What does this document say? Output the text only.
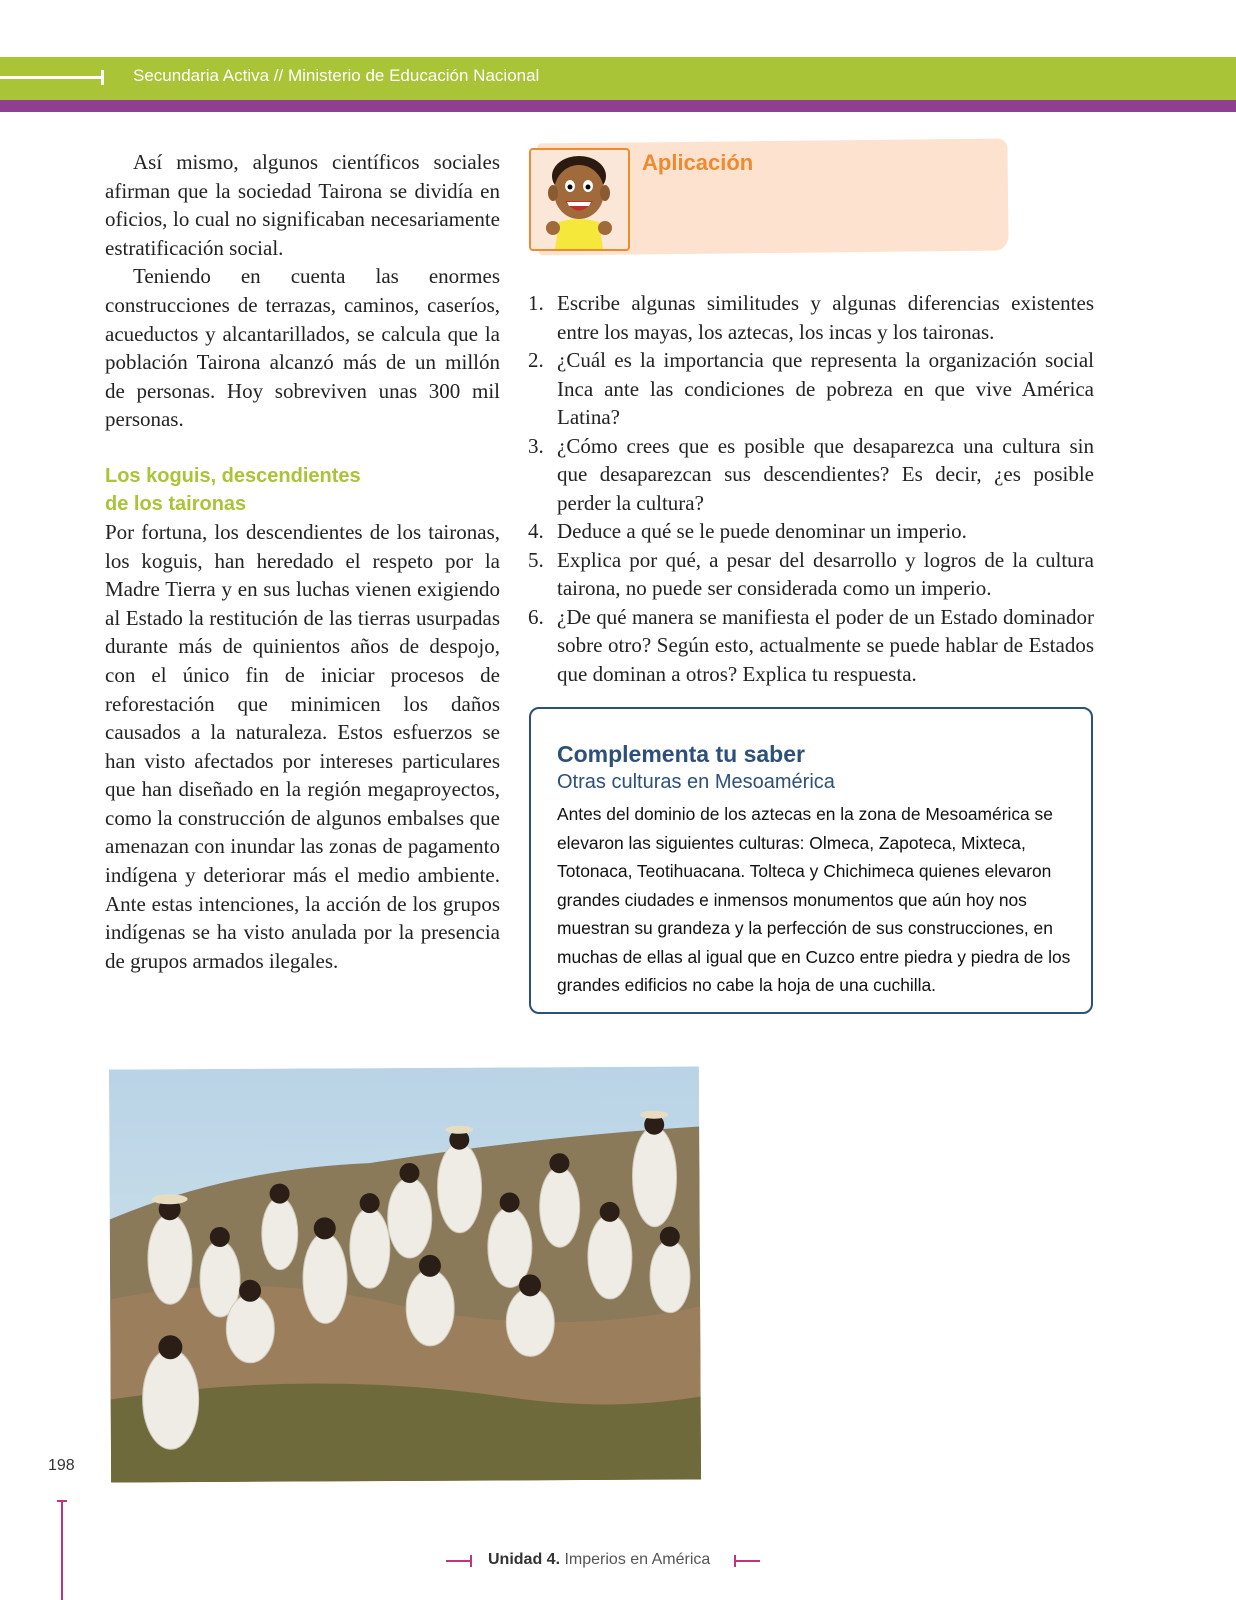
Secundaria Activa // Ministerio de Educación Nacional

Así mismo, algunos científicos sociales afirman que la sociedad Tairona se dividía en oficios, lo cual no significaban necesariamente estratificación social.

Teniendo en cuenta las enormes construcciones de terrazas, caminos, caseríos, acueductos y alcantarillados, se calcula que la población Tairona alcanzó más de un millón de personas. Hoy sobreviven unas 300 mil personas.

Los koguis, descendientes
de los taironas

Por fortuna, los descendientes de los taironas, los koguis, han heredado el respeto por la Madre Tierra y en sus luchas vienen exigiendo al Estado la restitución de las tierras usurpadas durante más de quinientos años de despojo, con el único fin de iniciar procesos de reforestación que minimicen los daños causados a la naturaleza. Estos esfuerzos se han visto afectados por intereses particulares que han diseñado en la región megaproyectos, como la construcción de algunos embalses que amenazan con inundar las zonas de pagamento indígena y deteriorar más el medio ambiente. Ante estas intenciones, la acción de los grupos indígenas se ha visto anulada por la presencia de grupos armados ilegales.

Aplicación
1. Escribe algunas similitudes y algunas diferencias existentes entre los mayas, los aztecas, los incas y los taironas.
2. ¿Cuál es la importancia que representa la organización social Inca ante las condiciones de pobreza en que vive América Latina?
3. ¿Cómo crees que es posible que desaparezca una cultura sin que desaparezcan sus descendientes? Es decir, ¿es posible perder la cultura?
4. Deduce a qué se le puede denominar un imperio.
5. Explica por qué, a pesar del desarrollo y logros de la cultura tairona, no puede ser considerada como un imperio.
6. ¿De qué manera se manifiesta el poder de un Estado dominador sobre otro? Según esto, actualmente se puede hablar de Estados que dominan a otros? Explica tu respuesta.
Complementa tu saber
Otras culturas en Mesoamérica
Antes del dominio de los aztecas en la zona de Mesoamérica se elevaron las siguientes culturas: Olmeca, Zapoteca, Mixteca, Totonaca, Teotihuacana. Tolteca y Chichimeca quienes elevaron grandes ciudades e inmensos monumentos que aún hoy nos muestran su grandeza y la perfección de sus construcciones, en muchas de ellas al igual que en Cuzco entre piedra y piedra de los grandes edificios no cabe la hoja de una cuchilla.
198
Unidad 4. Imperios en América
